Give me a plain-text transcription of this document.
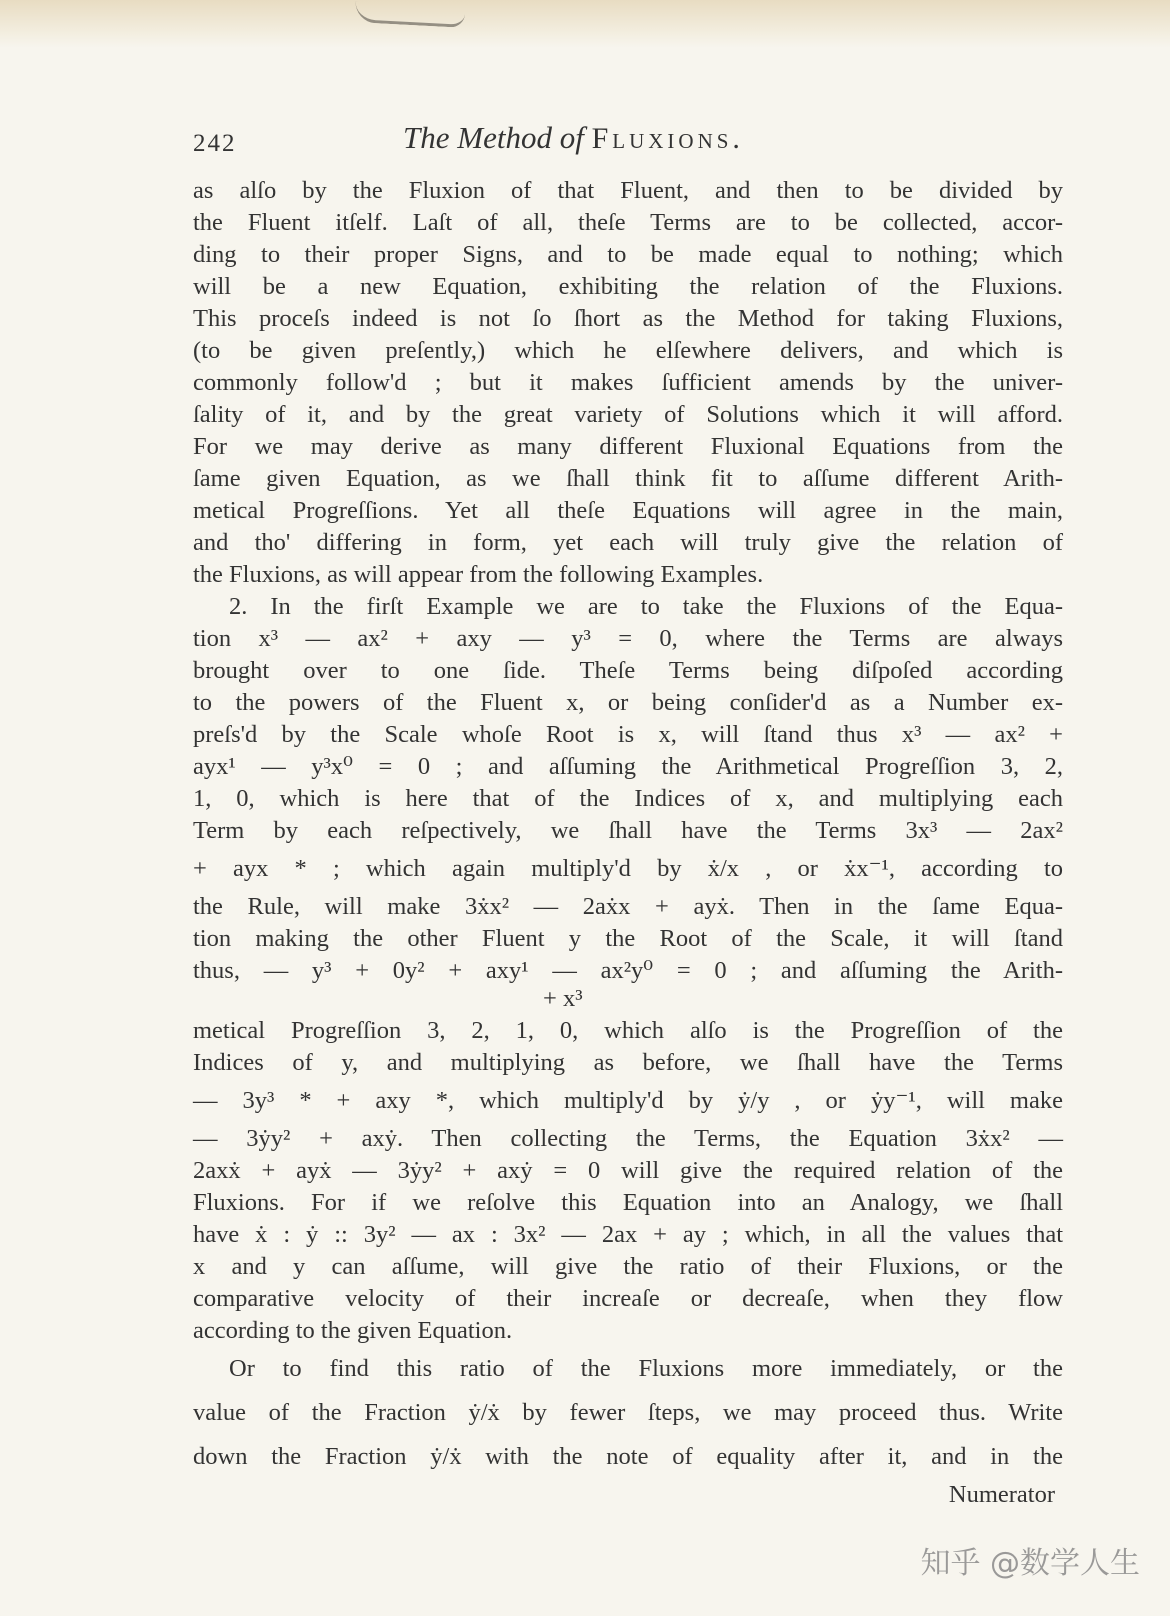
242	The Method of Fluxions.
as alſo by the Fluxion of that Fluent, and then to be divided by
the Fluent itſelf. Laſt of all, theſe Terms are to be collected, accor-
ding to their proper Signs, and to be made equal to nothing; which
will be a new Equation, exhibiting the relation of the Fluxions.
This proceſs indeed is not ſo ſhort as the Method for taking Fluxions,
(to be given preſently,) which he elſewhere delivers, and which is
commonly follow'd ; but it makes ſufficient amends by the univer-
ſality of it, and by the great variety of Solutions which it will afford.
For we may derive as many different Fluxional Equations from the
ſame given Equation, as we ſhall think fit to aſſume different Arith-
metical Progreſſions. Yet all theſe Equations will agree in the main,
and tho' differing in form, yet each will truly give the relation of
the Fluxions, as will appear from the following Examples.
2. In the firſt Example we are to take the Fluxions of the Equa-
tion x³ — ax² + axy — y³ = 0, where the Terms are always
brought over to one ſide. Theſe Terms being diſpoſed according
to the powers of the Fluent x, or being conſider'd as a Number ex-
preſs'd by the Scale whoſe Root is x, will ſtand thus x³ — ax² +
ayx¹ — y³x⁰ = 0 ; and aſſuming the Arithmetical Progreſſion 3, 2,
1, 0, which is here that of the Indices of x, and multiplying each
Term by each reſpectively, we ſhall have the Terms 3x³ — 2ax²
+ ayx * ; which again multiply'd by ẋ/x , or ẋx⁻¹, according to
the Rule, will make 3ẋx² — 2aẋx + ayẋ. Then in the ſame Equa-
tion making the other Fluent y the Root of the Scale, it will ſtand
thus, — y³ + 0y² + axy¹ — ax²y⁰ = 0 ; and aſſuming the Arith-
+ x³
metical Progreſſion 3, 2, 1, 0, which alſo is the Progreſſion of the
Indices of y, and multiplying as before, we ſhall have the Terms
— 3y³ * + axy *, which multiply'd by ẏ/y , or ẏy⁻¹, will make
— 3ẏy² + axẏ. Then collecting the Terms, the Equation 3ẋx² —
2axẋ + ayẋ — 3ẏy² + axẏ = 0 will give the required relation of the
Fluxions. For if we reſolve this Equation into an Analogy, we ſhall
have ẋ : ẏ :: 3y² — ax : 3x² — 2ax + ay ; which, in all the values that
x and y can aſſume, will give the ratio of their Fluxions, or the
comparative velocity of their increaſe or decreaſe, when they flow
according to the given Equation.
Or to find this ratio of the Fluxions more immediately, or the
value of the Fraction ẏ/ẋ by fewer ſteps, we may proceed thus. Write
down the Fraction ẏ/ẋ with the note of equality after it, and in the
Numerator
知乎 @数学人生
